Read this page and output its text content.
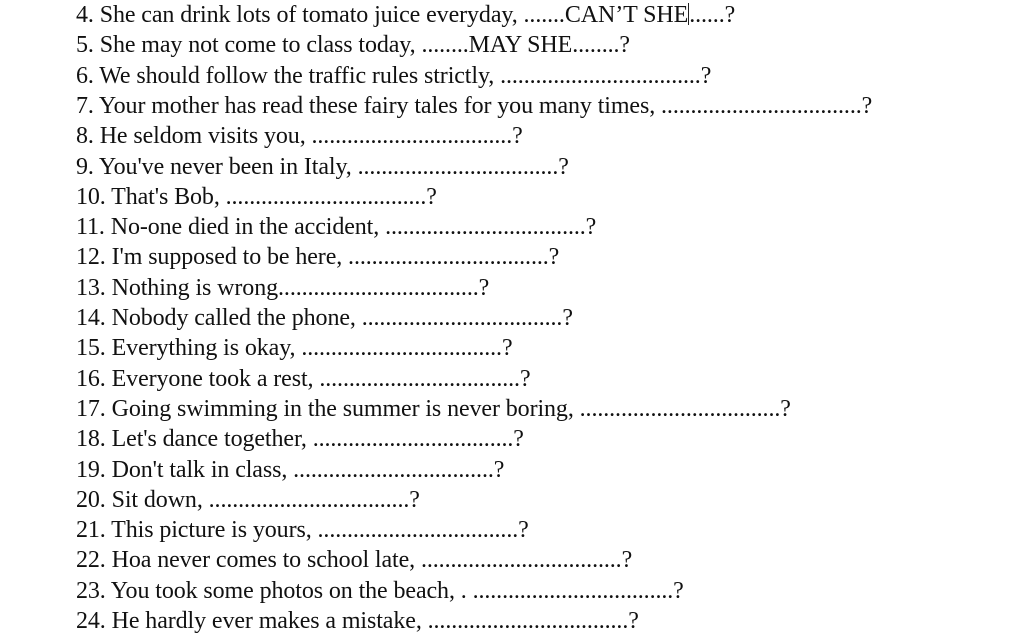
4. She can drink lots of tomato juice everyday, .......CAN’T SHE......?
5. She may not come to class today, ........MAY SHE........?
6. We should follow the traffic rules strictly, ..................................?
7. Your mother has read these fairy tales for you many times, ..................................?
8. He seldom visits you, ..................................?
9. You've never been in Italy, ..................................?
10. That's Bob, ..................................?
11. No-one died in the accident, ..................................?
12. I'm supposed to be here, ..................................?
13. Nothing is wrong..................................?
14. Nobody called the phone, ..................................?
15. Everything is okay, ..................................?
16. Everyone took a rest, ..................................?
17. Going swimming in the summer is never boring, ..................................?
18. Let's dance together, ..................................?
19. Don't talk in class, ..................................?
20. Sit down, ..................................?
21. This picture is yours, ..................................?
22. Hoa never comes to school late, ..................................?
23. You took some photos on the beach, . ..................................?
24. He hardly ever makes a mistake, ..................................?
